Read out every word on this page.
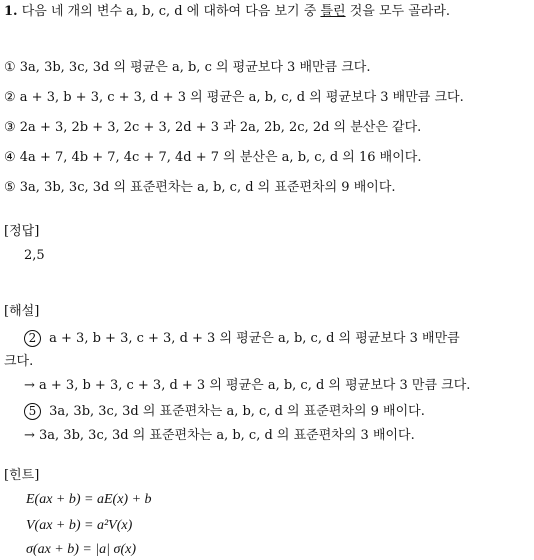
1. 다음 네 개의 변수 a, b, c, d 에 대하여 다음 보기 중 틀린 것을 모두 골라라.
① 3a, 3b, 3c, 3d 의 평균은 a, b, c 의 평균보다 3 배만큼 크다.
② a + 3, b + 3, c + 3, d + 3 의 평균은 a, b, c, d 의 평균보다 3 배만큼 크다.
③ 2a + 3, 2b + 3, 2c + 3, 2d + 3 과 2a, 2b, 2c, 2d 의 분산은 같다.
④ 4a + 7, 4b + 7, 4c + 7, 4d + 7 의 분산은 a, b, c, d 의 16 배이다.
⑤ 3a, 3b, 3c, 3d 의 표준편차는 a, b, c, d 의 표준편차의 9 배이다.
[정답]
2,5
[해설]
2 a + 3, b + 3, c + 3, d + 3 의 평균은 a, b, c, d 의 평균보다 3 배만큼
크다.
→ a + 3, b + 3, c + 3, d + 3 의 평균은 a, b, c, d 의 평균보다 3 만큼 크다.
5 3a, 3b, 3c, 3d 의 표준편차는 a, b, c, d 의 표준편차의 9 배이다.
→ 3a, 3b, 3c, 3d 의 표준편차는 a, b, c, d 의 표준편차의 3 배이다.
[힌트]
E(ax + b) = aE(x) + b
V(ax + b) = a²V(x)
σ(ax + b) = |a| σ(x)
